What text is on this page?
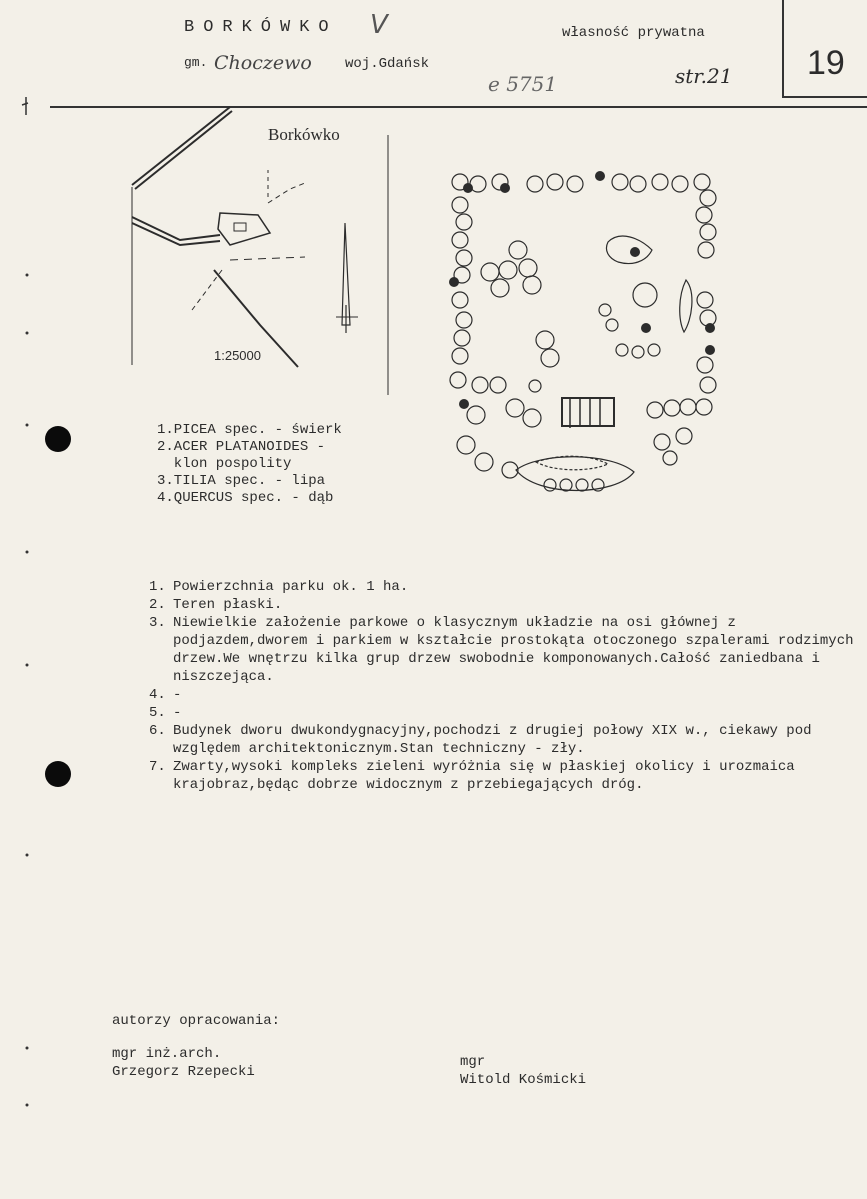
BORKÓWKO V
gm. Choczewo woj.Gdańsk
własność prywatna
e 5751	str.21 19
Borkówko
1:25000
1.PICEA spec. - świerk
2.ACER PLATANOIDES -
klon pospolity
3.TILIA spec. - lipa
4.QUERCUS spec. - dąb
1. Powierzchnia parku ok. 1 ha.
2. Teren płaski.
3. Niewielkie założenie parkowe o klasycznym układzie na osi głównej z podjazdem,dworem i parkiem w kształcie prostokąta otoczonego szpalerami rodzimych drzew.We wnętrzu kilka grup drzew swobodnie komponowanych.Całość zaniedbana i niszczejąca.
4. -
5. -
6. Budynek dworu dwukondygnacyjny,pochodzi z drugiej połowy XIX w., ciekawy pod względem architektonicznym.Stan techniczny - zły.
7. Zwarty,wysoki kompleks zieleni wyróżnia się w płaskiej okolicy i urozmaica krajobraz,będąc dobrze widocznym z przebiegających dróg.
autorzy opracowania:
mgr inż.arch.
Grzegorz Rzepecki
mgr
Witold Kośmicki
